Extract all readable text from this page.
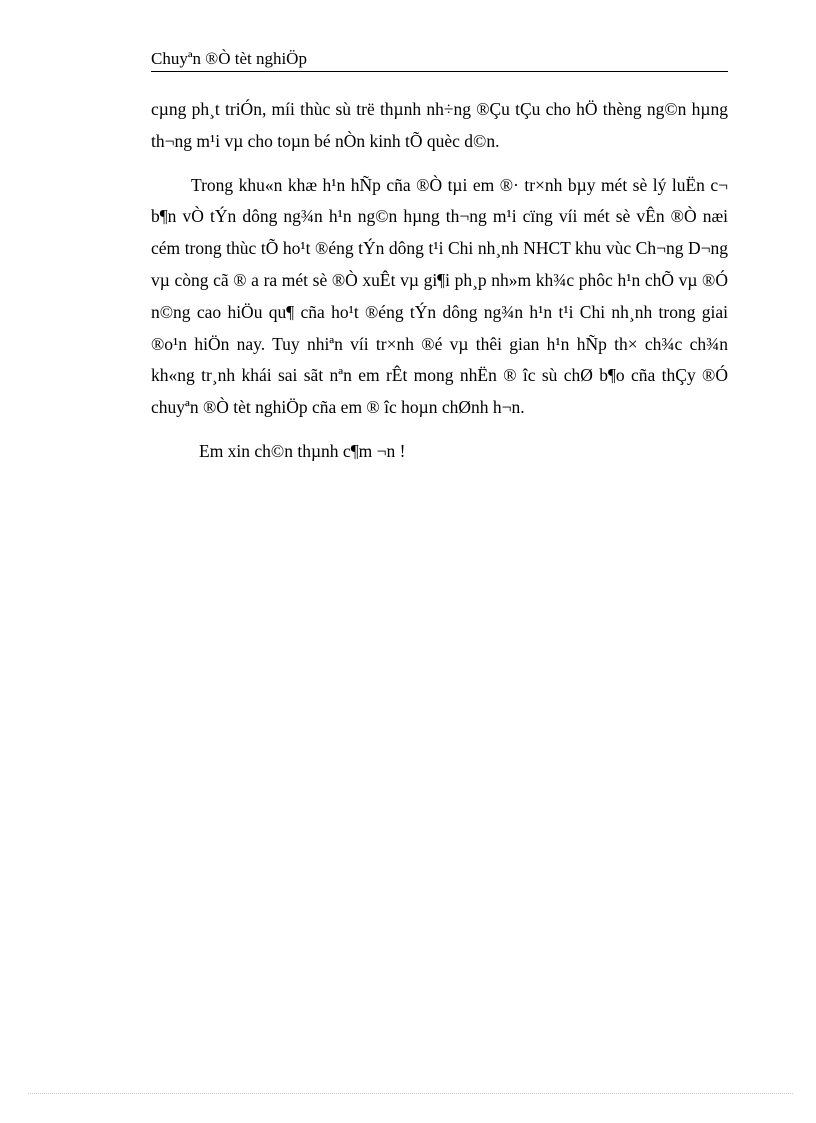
Chuyªn ®Ò tèt nghiÖp

cµng ph¸t triÓn, míi thùc sù trë thµnh nh÷ng ®Çu tÇu cho hÖ thèng ng©n hµng th¬ng m¹i vµ cho toµn bé nÒn kinh tÕ quèc d©n.

Trong khu«n khæ h¹n hÑp cña ®Ò tµi em ®· tr×nh bµy mét sè lý luËn c¬ b¶n vÒ tÝn dông ng¾n h¹n ng©n hµng th¬ng m¹i cïng víi mét sè vÊn ®Ò næi cém trong thùc tÕ ho¹t ®éng tÝn dông t¹i Chi nh¸nh NHCT khu vùc Ch¬ng D¬ng vµ còng cã ® a ra mét sè ®Ò xuÊt vµ gi¶i ph¸p nh»m kh¾c phôc h¹n chÕ vµ ®Ó n©ng cao hiÖu qu¶ cña ho¹t ®éng tÝn dông ng¾n h¹n t¹i Chi nh¸nh trong giai ®o¹n hiÖn nay. Tuy nhiªn víi tr×nh ®é vµ thêi gian h¹n hÑp th× ch¾c ch¾n kh«ng tr¸nh khái sai sãt nªn em rÊt mong nhËn ® îc sù chØ b¶o cña thÇy ®Ó chuyªn ®Ò tèt nghiÖp cña em ® îc hoµn chØnh h¬n.

Em xin ch©n thµnh c¶m ¬n !
